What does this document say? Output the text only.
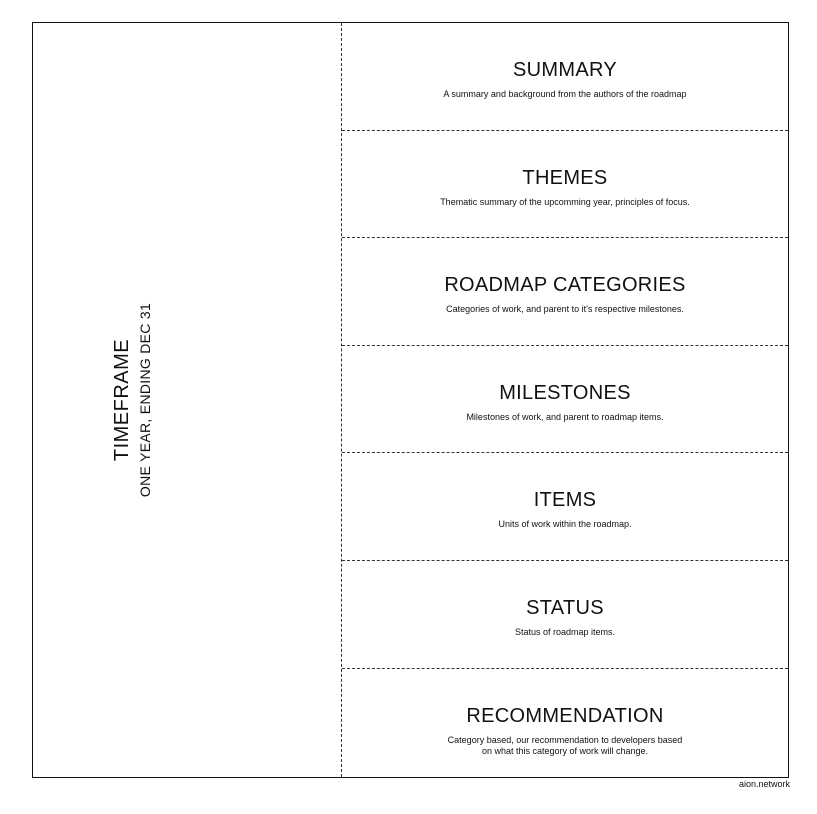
TIMEFRAME ONE YEAR, ENDING DEC 31
SUMMARY
A summary and background from the authors of the roadmap
THEMES
Thematic summary of the upcomming year, principles of focus.
ROADMAP CATEGORIES
Categories of work, and parent to it's respective milestones.
MILESTONES
Milestones of work, and parent to roadmap items.
ITEMS
Units of work within the roadmap.
STATUS
Status of roadmap items.
RECOMMENDATION
Category based, our recommendation to developers based
on what this category of work will change.
aion.network
